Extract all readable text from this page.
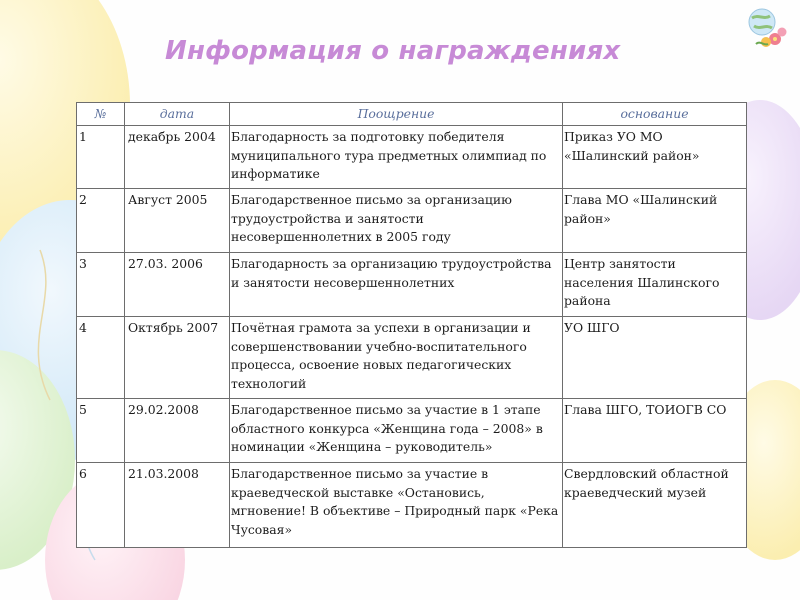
Информация о награждениях
№	дата	Поощрение	основание
1	декабрь 2004	Благодарность за подготовку победителя муниципального тура предметных олимпиад по информатике	Приказ УО МО «Шалинский район»
2	Август 2005	Благодарственное письмо за организацию трудоустройства и занятости несовершеннолетних в 2005 году	Глава МО «Шалинский район»
3	27.03. 2006	Благодарность за организацию трудоустройства и занятости несовершеннолетних	Центр занятости населения Шалинского района
4	Октябрь 2007	Почётная грамота за успехи в организации и совершенствовании учебно-воспитательного процесса, освоение новых педагогических технологий	УО ШГО
5	29.02.2008	Благодарственное письмо за участие в 1 этапе областного конкурса «Женщина года – 2008» в номинации «Женщина – руководитель»	Глава ШГО, ТОИОГВ СО
6	21.03.2008	Благодарственное письмо за участие в краеведческой выставке «Остановись, мгновение! В объективе – Природный парк «Река Чусовая»	Свердловский областной краеведческий музей
